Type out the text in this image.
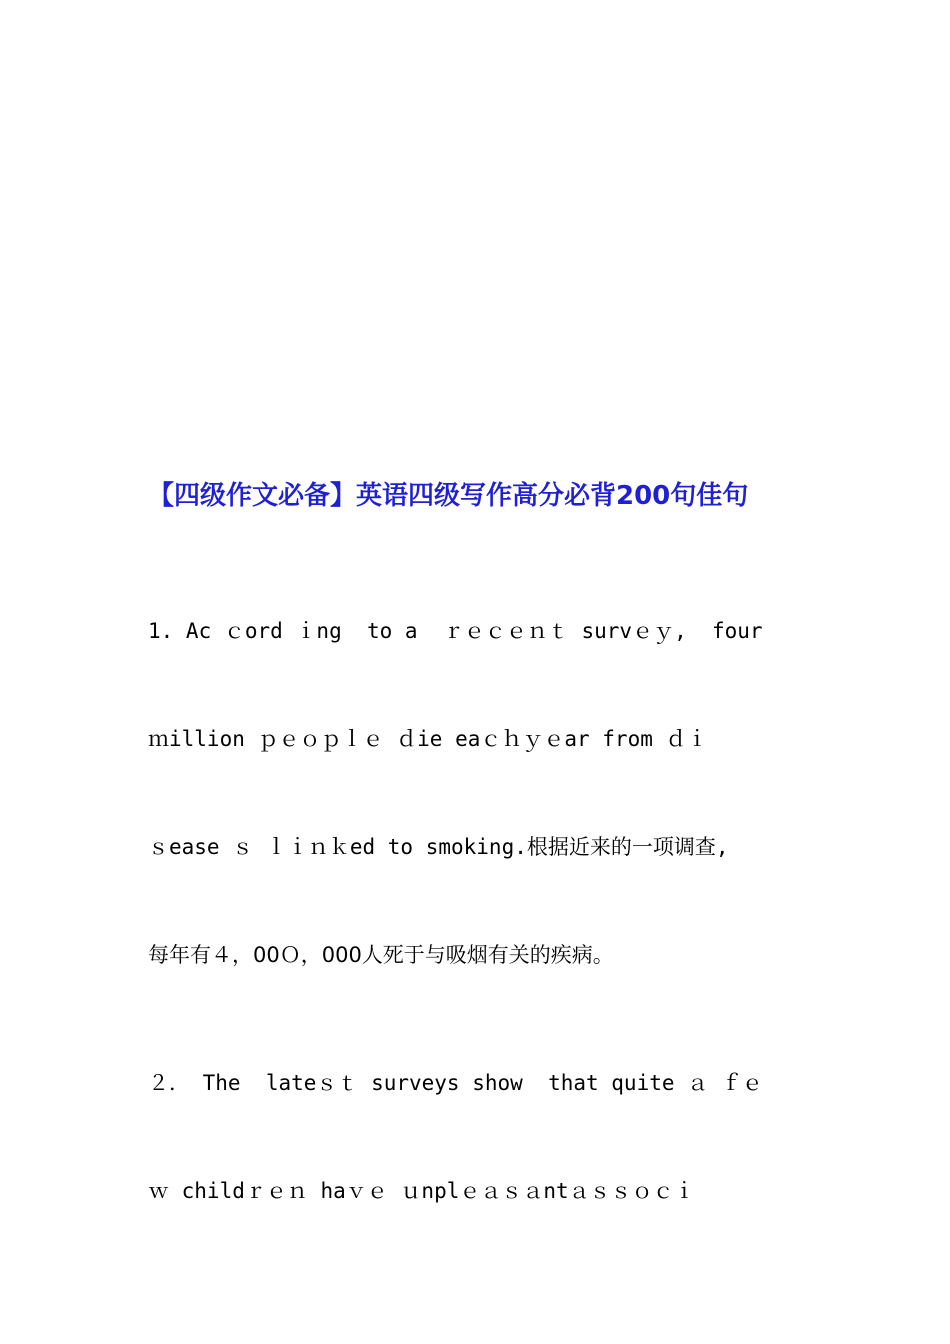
【四级作文必备】英语四级写作高分必背200句佳句
1. Ac ｃord ｉng  to a  ｒｅｃｅｎｔ survｅｙ,  four
ｍillion ｐｅｏｐｌｅ ｄie eaｃｈｙｅar from ｄｉ
ｓease ｓ ｌｉｎｋed to smoking.根据近来的一项调查,
每年有４，00Ｏ，000人死于与吸烟有关的疾病。
２． The  lateｓｔ surveys show  that quite ａ ｆｅ
ｗ childｒｅｎ haｖｅ ｕnplｅａｓａntａｓｓｏｃｉ
